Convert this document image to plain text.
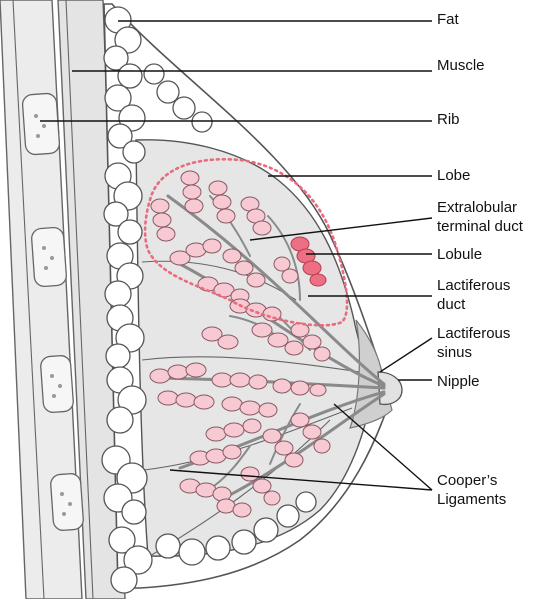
Fat
Muscle
Rib
Lobe
Extralobular
terminal duct
Lobule
Lactiferous
duct
Lactiferous
sinus
Nipple
Cooper’s
Ligaments
